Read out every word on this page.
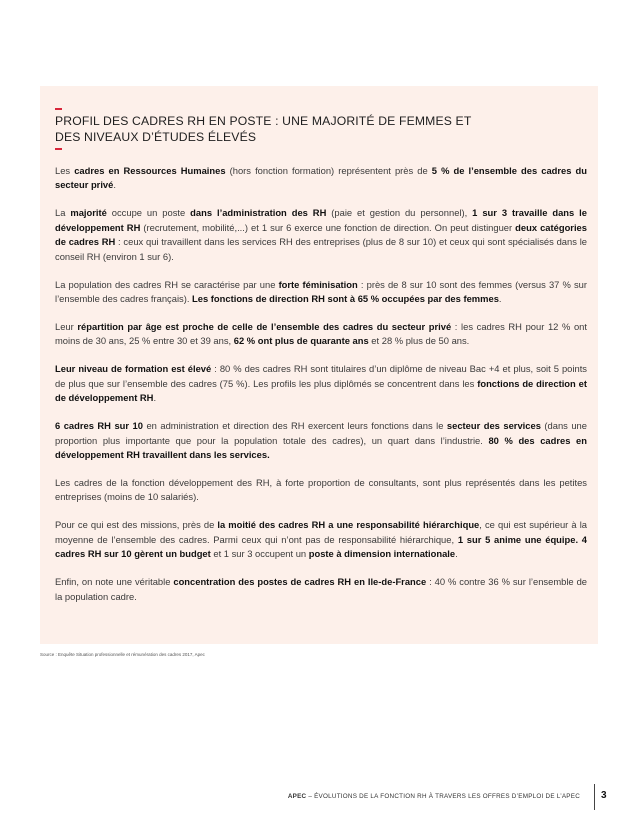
PROFIL DES CADRES RH EN POSTE : UNE MAJORITÉ DE FEMMES ET DES NIVEAUX D’ÉTUDES ÉLEVÉS

Les cadres en Ressources Humaines (hors fonction formation) représentent près de 5 % de l’ensemble des cadres du secteur privé.

La majorité occupe un poste dans l’administration des RH (paie et gestion du personnel), 1 sur 3 travaille dans le développement RH (recrutement, mobilité,...) et 1 sur 6 exerce une fonction de direction. On peut distinguer deux catégories de cadres RH : ceux qui travaillent dans les services RH des entreprises (plus de 8 sur 10) et ceux qui sont spécialisés dans le conseil RH (environ 1 sur 6).

La population des cadres RH se caractérise par une forte féminisation : près de 8 sur 10 sont des femmes (versus 37 % sur l’ensemble des cadres français). Les fonctions de direction RH sont à 65 % occupées par des femmes.

Leur répartition par âge est proche de celle de l’ensemble des cadres du secteur privé : les cadres RH pour 12 % ont moins de 30 ans, 25 % entre 30 et 39 ans, 62 % ont plus de quarante ans et 28 % plus de 50 ans.

Leur niveau de formation est élevé : 80 % des cadres RH sont titulaires d’un diplôme de niveau Bac +4 et plus, soit 5 points de plus que sur l’ensemble des cadres (75 %). Les profils les plus diplômés se concentrent dans les fonctions de direction et de développement RH.

6 cadres RH sur 10 en administration et direction des RH exercent leurs fonctions dans le secteur des services (dans une proportion plus importante que pour la population totale des cadres), un quart dans l’industrie. 80 % des cadres en développement RH travaillent dans les services.

Les cadres de la fonction développement des RH, à forte proportion de consultants, sont plus représentés dans les petites entreprises (moins de 10 salariés).

Pour ce qui est des missions, près de la moitié des cadres RH a une responsabilité hiérarchique, ce qui est supérieur à la moyenne de l’ensemble des cadres. Parmi ceux qui n’ont pas de responsabilité hiérarchique, 1 sur 5 anime une équipe. 4 cadres RH sur 10 gèrent un budget et 1 sur 3 occupent un poste à dimension internationale.

Enfin, on note une véritable concentration des postes de cadres RH en Ile-de-France : 40 % contre 36 % sur l’ensemble de la population cadre.

Source : Enquête Situation professionnelle et rémunération des cadres 2017, Apec
APEC – ÉVOLUTIONS DE LA FONCTION RH À TRAVERS LES OFFRES D’EMPLOI DE L’APEC 3
